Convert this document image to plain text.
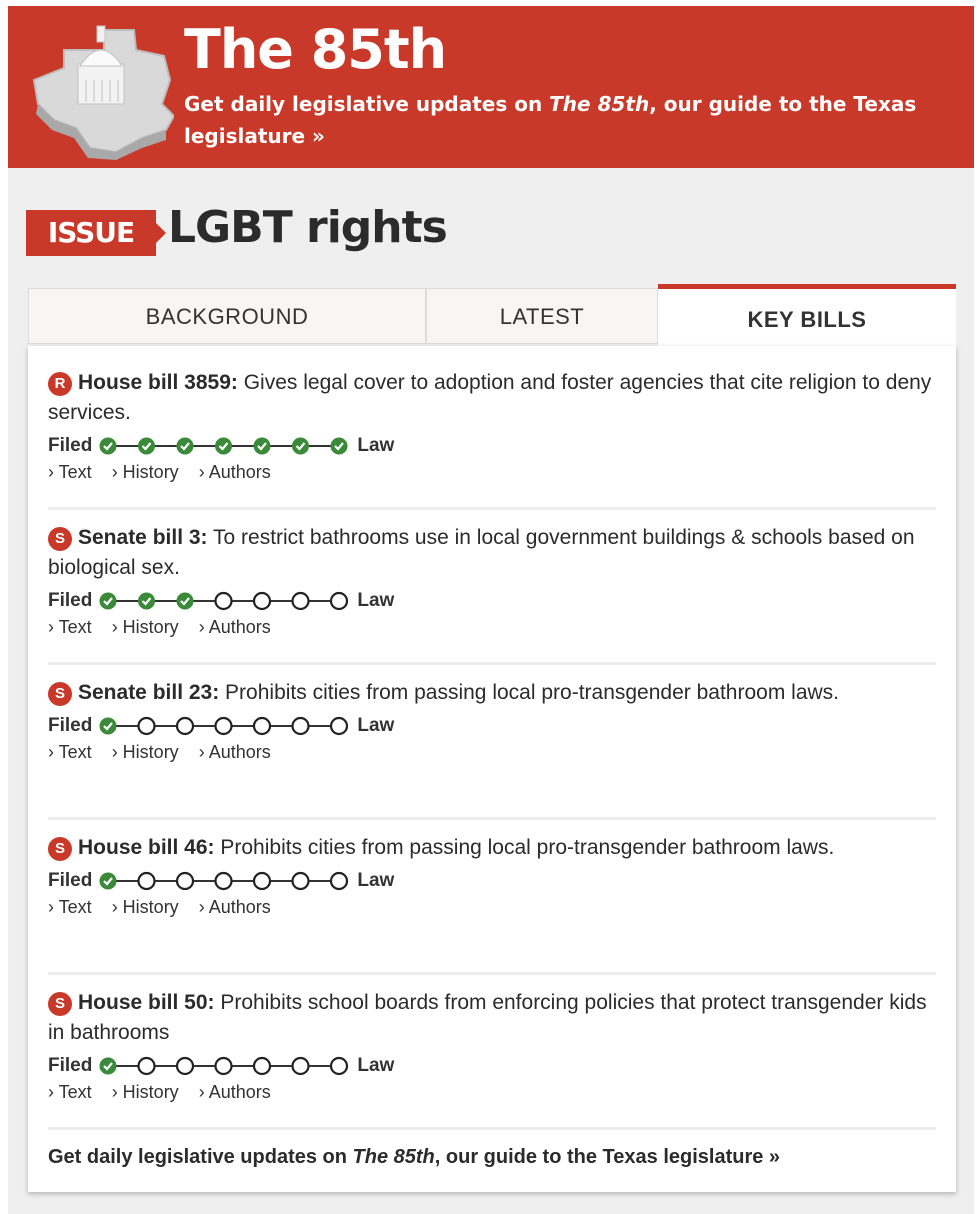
The 85th
Get daily legislative updates on The 85th, our guide to the Texas legislature »
ISSUE LGBT rights
BACKGROUND	LATEST	KEY BILLS
R House bill 3859: Gives legal cover to adoption and foster agencies that cite religion to deny services.
Filed	Law
› Text › History › Authors
S Senate bill 3: To restrict bathrooms use in local government buildings & schools based on biological sex.
Filed	Law
› Text › History › Authors
S Senate bill 23: Prohibits cities from passing local pro-transgender bathroom laws.
Filed	Law
› Text › History › Authors
S House bill 46: Prohibits cities from passing local pro-transgender bathroom laws.
Filed	Law
› Text › History › Authors
S House bill 50: Prohibits school boards from enforcing policies that protect transgender kids in bathrooms
Filed	Law
› Text › History › Authors
Get daily legislative updates on The 85th, our guide to the Texas legislature »
